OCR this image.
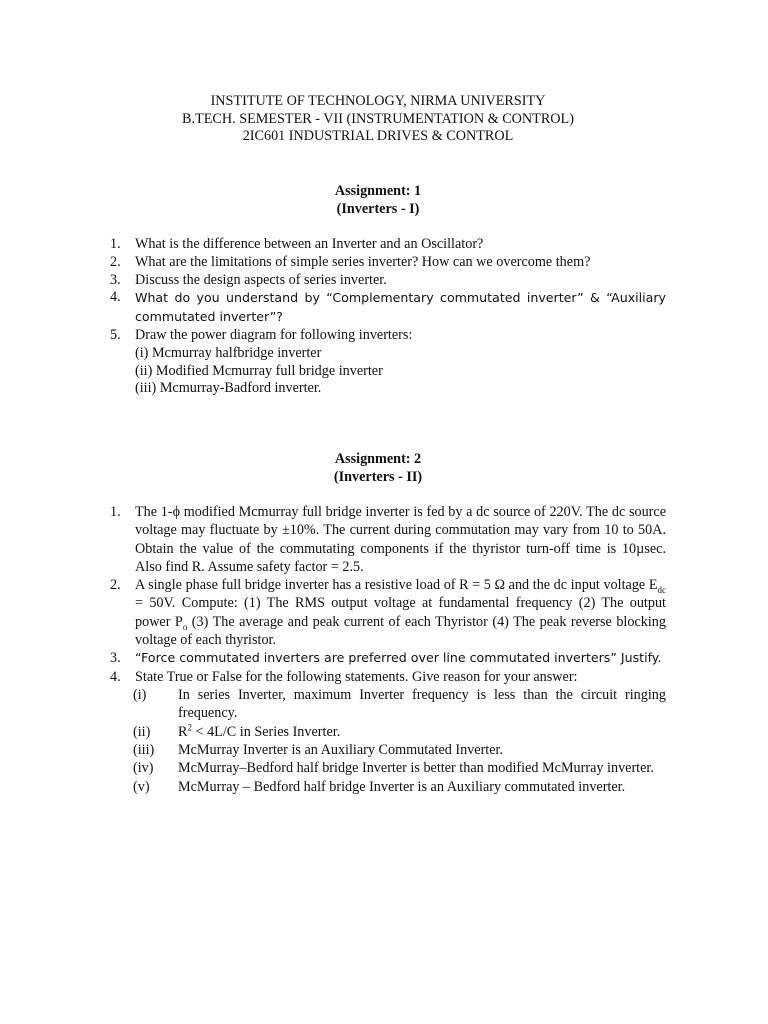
INSTITUTE OF TECHNOLOGY, NIRMA UNIVERSITY
B.TECH. SEMESTER - VII (INSTRUMENTATION & CONTROL)
2IC601 INDUSTRIAL DRIVES & CONTROL
Assignment: 1
(Inverters - I)
1. What is the difference between an Inverter and an Oscillator?
2. What are the limitations of simple series inverter? How can we overcome them?
3. Discuss the design aspects of series inverter.
4. What do you understand by “Complementary commutated inverter” & “Auxiliary commutated inverter”?
5. Draw the power diagram for following inverters:
(i) Mcmurray halfbridge inverter
(ii) Modified Mcmurray full bridge inverter
(iii) Mcmurray-Badford inverter.
Assignment: 2
(Inverters - II)
1. The 1-ϕ modified Mcmurray full bridge inverter is fed by a dc source of 220V. The dc source voltage may fluctuate by ±10%. The current during commutation may vary from 10 to 50A. Obtain the value of the commutating components if the thyristor turn-off time is 10µsec. Also find R. Assume safety factor = 2.5.
2. A single phase full bridge inverter has a resistive load of R = 5 Ω and the dc input voltage $E_{dc} = 50V$. Compute: (1) The RMS output voltage at fundamental frequency (2) The output power $P_o$ (3) The average and peak current of each Thyristor (4) The peak reverse blocking voltage of each thyristor.
3. “Force commutated inverters are preferred over line commutated inverters” Justify.
4. State True or False for the following statements. Give reason for your answer:
(i) In series Inverter, maximum Inverter frequency is less than the circuit ringing frequency.
(ii) $R^2 < 4L/C$ in Series Inverter.
(iii) McMurray Inverter is an Auxiliary Commutated Inverter.
(iv) McMurray–Bedford half bridge Inverter is better than modified McMurray inverter.
(v) McMurray – Bedford half bridge Inverter is an Auxiliary commutated inverter.
